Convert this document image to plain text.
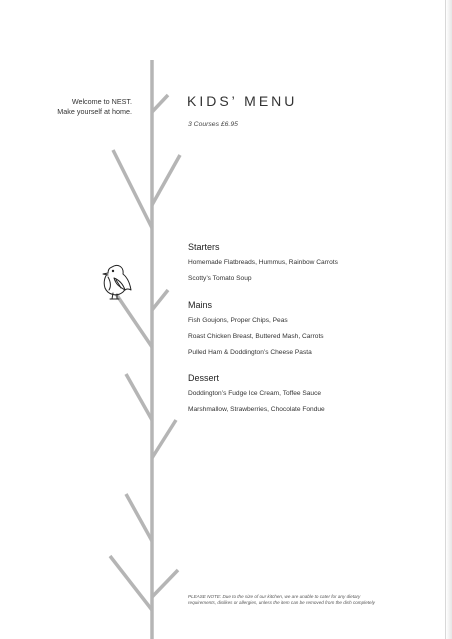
Welcome to NEST.
Make yourself at home.
KIDS’ MENU
3 Courses £6.95
Starters
Homemade Flatbreads, Hummus, Rainbow Carrots
Scotty’s Tomato Soup
Mains
Fish Goujons, Proper Chips, Peas
Roast Chicken Breast, Buttered Mash, Carrots
Pulled Ham & Doddington’s Cheese Pasta
Dessert
Doddington’s Fudge Ice Cream, Toffee Sauce
Marshmallow, Strawberries, Chocolate Fondue
PLEASE NOTE: Due to the size of our kitchen, we are unable to cater for any dietary requirements, dislikes or allergies, unless the item can be removed from the dish completely
